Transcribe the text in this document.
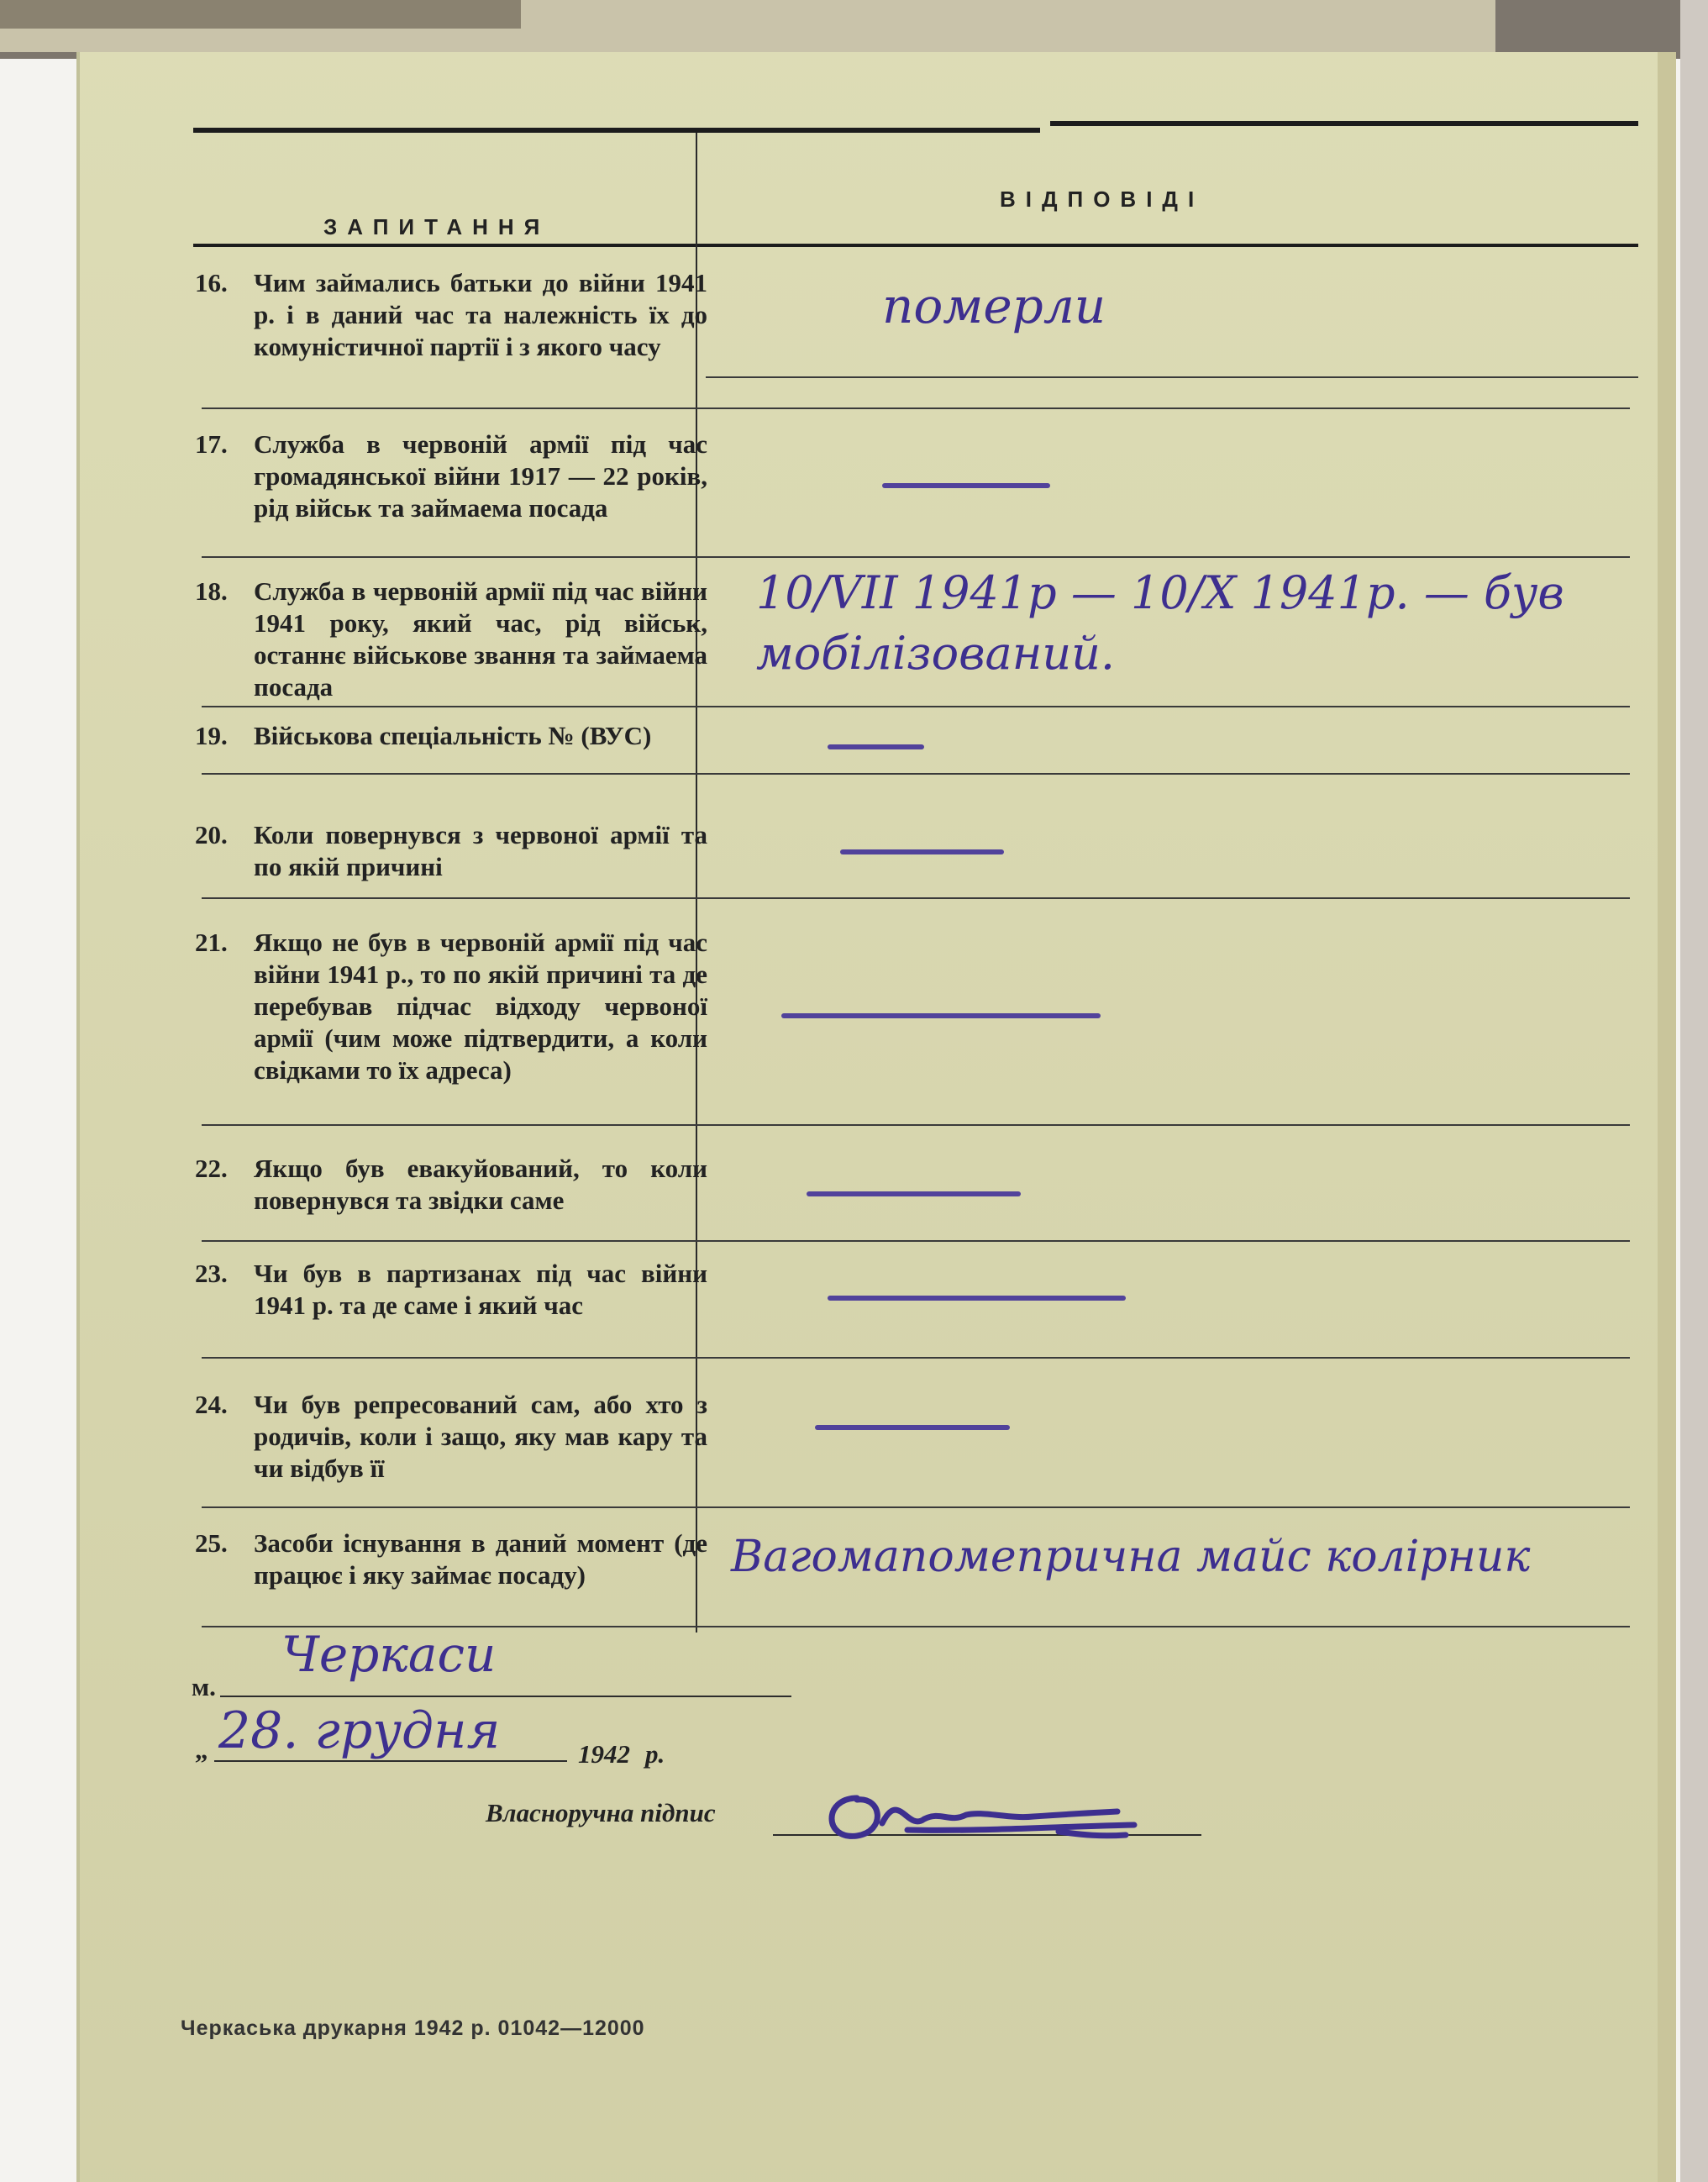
ЗАПИТАННЯ
ВІДПОВІДІ
16. Чим займались батьки до війни 1941 р. і в даний час та належність їх до комуністичної партії і з якого часу
17. Служба в червоній армії під час громадянської війни 1917 — 22 років, рід військ та займаема посада
18. Служба в червоній армії під час війни 1941 року, який час, рід військ, останнє військове звання та займаема посада
19. Військова спеціальність № (ВУС)
20. Коли повернувся з червоної армії та по якій причині
21. Якщо не був в червоній армії під час війни 1941 р., то по якій причині та де перебував підчас відходу червоної армії (чим може підтвердити, а коли свідками то їх адреса)
22. Якщо був евакуйований, то коли повернувся та звідки саме
23. Чи був в партизанах під час війни 1941 р. та де саме і який час
24. Чи був репресований сам, або хто з родичів, коли і защо, яку мав кару та чи відбув її
25. Засоби існування в даний момент (де працює і яку займає посаду)
померли
10/VII 1941р — 10/X 1941р. — був мобілізований.
Вагомапомепрична майс колірник
м.
Черкаси
„ 28. грудня	1942 р.
Власноручна підпис
Черкаська друкарня 1942 р. 01042—12000
